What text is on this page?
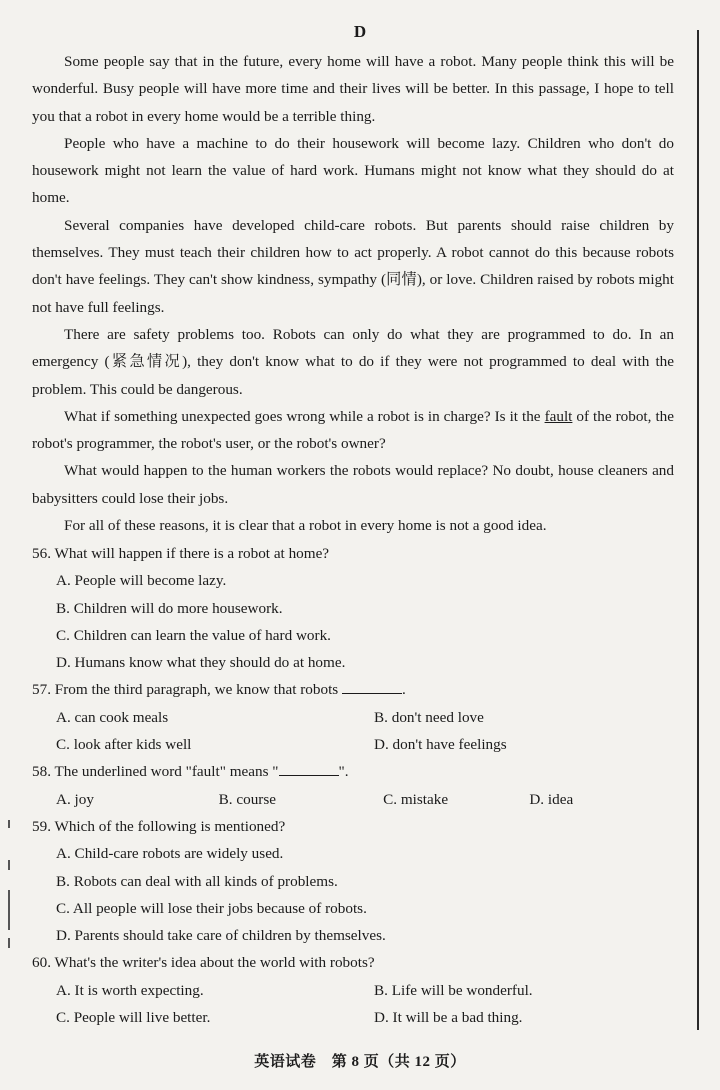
D

Some people say that in the future, every home will have a robot. Many people think this will be wonderful. Busy people will have more time and their lives will be better. In this passage, I hope to tell you that a robot in every home would be a terrible thing.

People who have a machine to do their housework will become lazy. Children who don't do housework might not learn the value of hard work. Humans might not know what they should do at home.

Several companies have developed child-care robots. But parents should raise children by themselves. They must teach their children how to act properly. A robot cannot do this because robots don't have feelings. They can't show kindness, sympathy (同情), or love. Children raised by robots might not have full feelings.

There are safety problems too. Robots can only do what they are programmed to do. In an emergency (紧急情况), they don't know what to do if they were not programmed to deal with the problem. This could be dangerous.

What if something unexpected goes wrong while a robot is in charge? Is it the fault of the robot, the robot's programmer, the robot's user, or the robot's owner?

What would happen to the human workers the robots would replace? No doubt, house cleaners and babysitters could lose their jobs.

For all of these reasons, it is clear that a robot in every home is not a good idea.

56. What will happen if there is a robot at home?

A. People will become lazy.

B. Children will do more housework.

C. Children can learn the value of hard work.

D. Humans know what they should do at home.

57. From the third paragraph, we know that robots	.

A. can cook meals	B. don't need love
C. look after kids well	D. don't have feelings

58. The underlined word "fault" means "	".

A. joy	B. course	C. mistake	D. idea

59. Which of the following is mentioned?

A. Child-care robots are widely used.

B. Robots can deal with all kinds of problems.

C. All people will lose their jobs because of robots.

D. Parents should take care of children by themselves.

60. What's the writer's idea about the world with robots?

A. It is worth expecting.	B. Life will be wonderful.
C. People will live better.	D. It will be a bad thing.
英语试卷　第 8 页（共 12 页）
